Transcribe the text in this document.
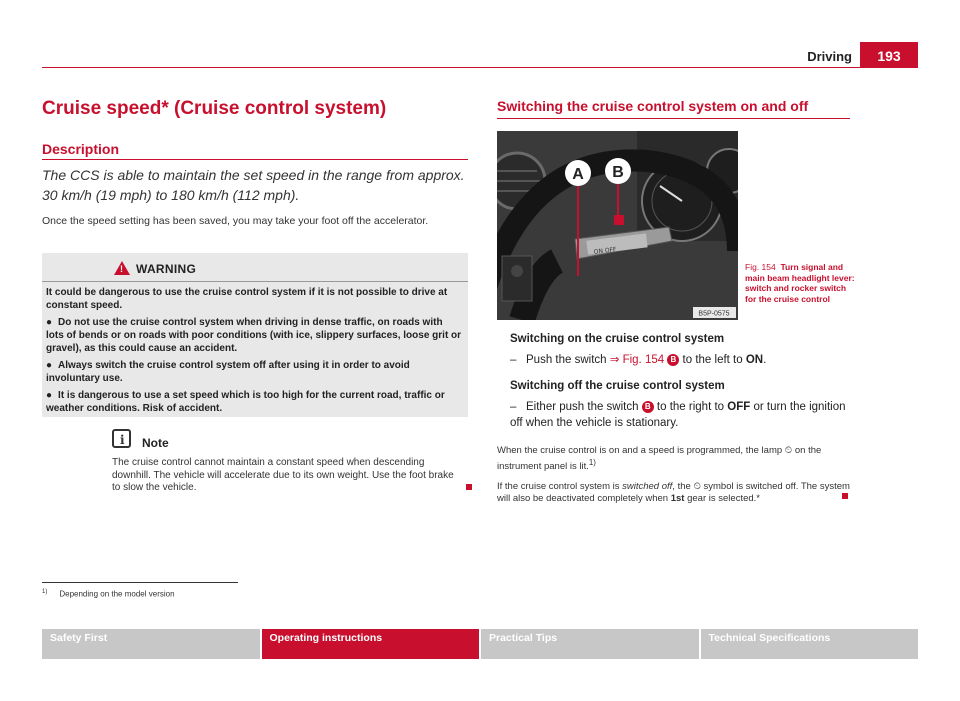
Driving	193
Cruise speed* (Cruise control system)
Description
The CCS is able to maintain the set speed in the range from approx. 30 km/h (19 mph) to 180 km/h (112 mph).
Once the speed setting has been saved, you may take your foot off the accelerator.
! WARNING

It could be dangerous to use the cruise control system if it is not possible to drive at constant speed.

● Do not use the cruise control system when driving in dense traffic, on roads with lots of bends or on roads with poor conditions (with ice, slippery surfaces, loose grit or gravel), as this could cause an accident.

● Always switch the cruise control system off after using it in order to avoid involuntary use.

● It is dangerous to use a set speed which is too high for the current road, traffic or weather conditions. Risk of accident.

i Note
The cruise control cannot maintain a constant speed when descending downhill. The vehicle will accelerate due to its own weight. Use the foot brake to slow the vehicle.
Switching the cruise control system on and off
ON OFF
A B
B5P-0575
Fig. 154 Turn signal and main beam headlight lever: switch and rocker switch for the cruise control
Switching on the cruise control system
– Push the switch ⇒ Fig. 154 B to the left to ON.
Switching off the cruise control system
– Either push the switch B to the right to OFF or turn the ignition off when the vehicle is stationary.
When the cruise control is on and a speed is programmed, the lamp ⏲ on the instrument panel is lit.$^{1)}$
If the cruise control system is switched off, the ⏲ symbol is switched off. The system will also be deactivated completely when 1st gear is selected.*
$^{1)}$ Depending on the model version
Safety First	Operating instructions	Practical Tips	Technical Specifications
